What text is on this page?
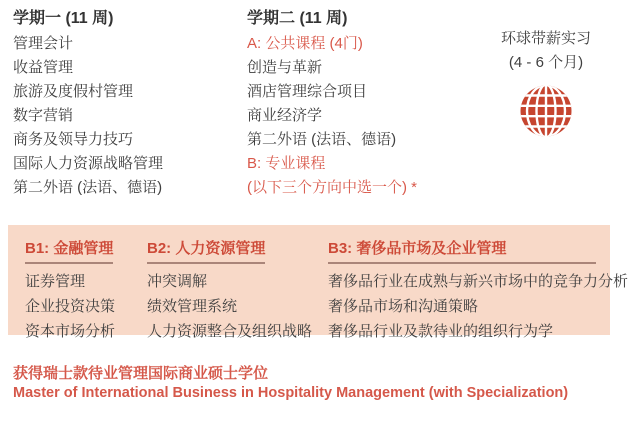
学期一 (11 周)
管理会计
收益管理
旅游及度假村管理
数字营销
商务及领导力技巧
国际人力资源战略管理
第二外语 (法语、德语)
学期二 (11 周)
A: 公共课程 (4门)
创造与革新
酒店管理综合项目
商业经济学
第二外语 (法语、德语)
B: 专业课程
(以下三个方向中选一个) *
环球带薪实习
(4 - 6 个月)
B1: 金融管理
证券管理
企业投资决策
资本市场分析
B2: 人力资源管理
冲突调解
绩效管理系统
人力资源整合及组织战略
B3: 奢侈品市场及企业管理
奢侈品行业在成熟与新兴市场中的竞争力分析
奢侈品市场和沟通策略
奢侈品行业及款待业的组织行为学
获得瑞士款待业管理国际商业硕士学位
Master of International Business in Hospitality Management (with Specialization)
